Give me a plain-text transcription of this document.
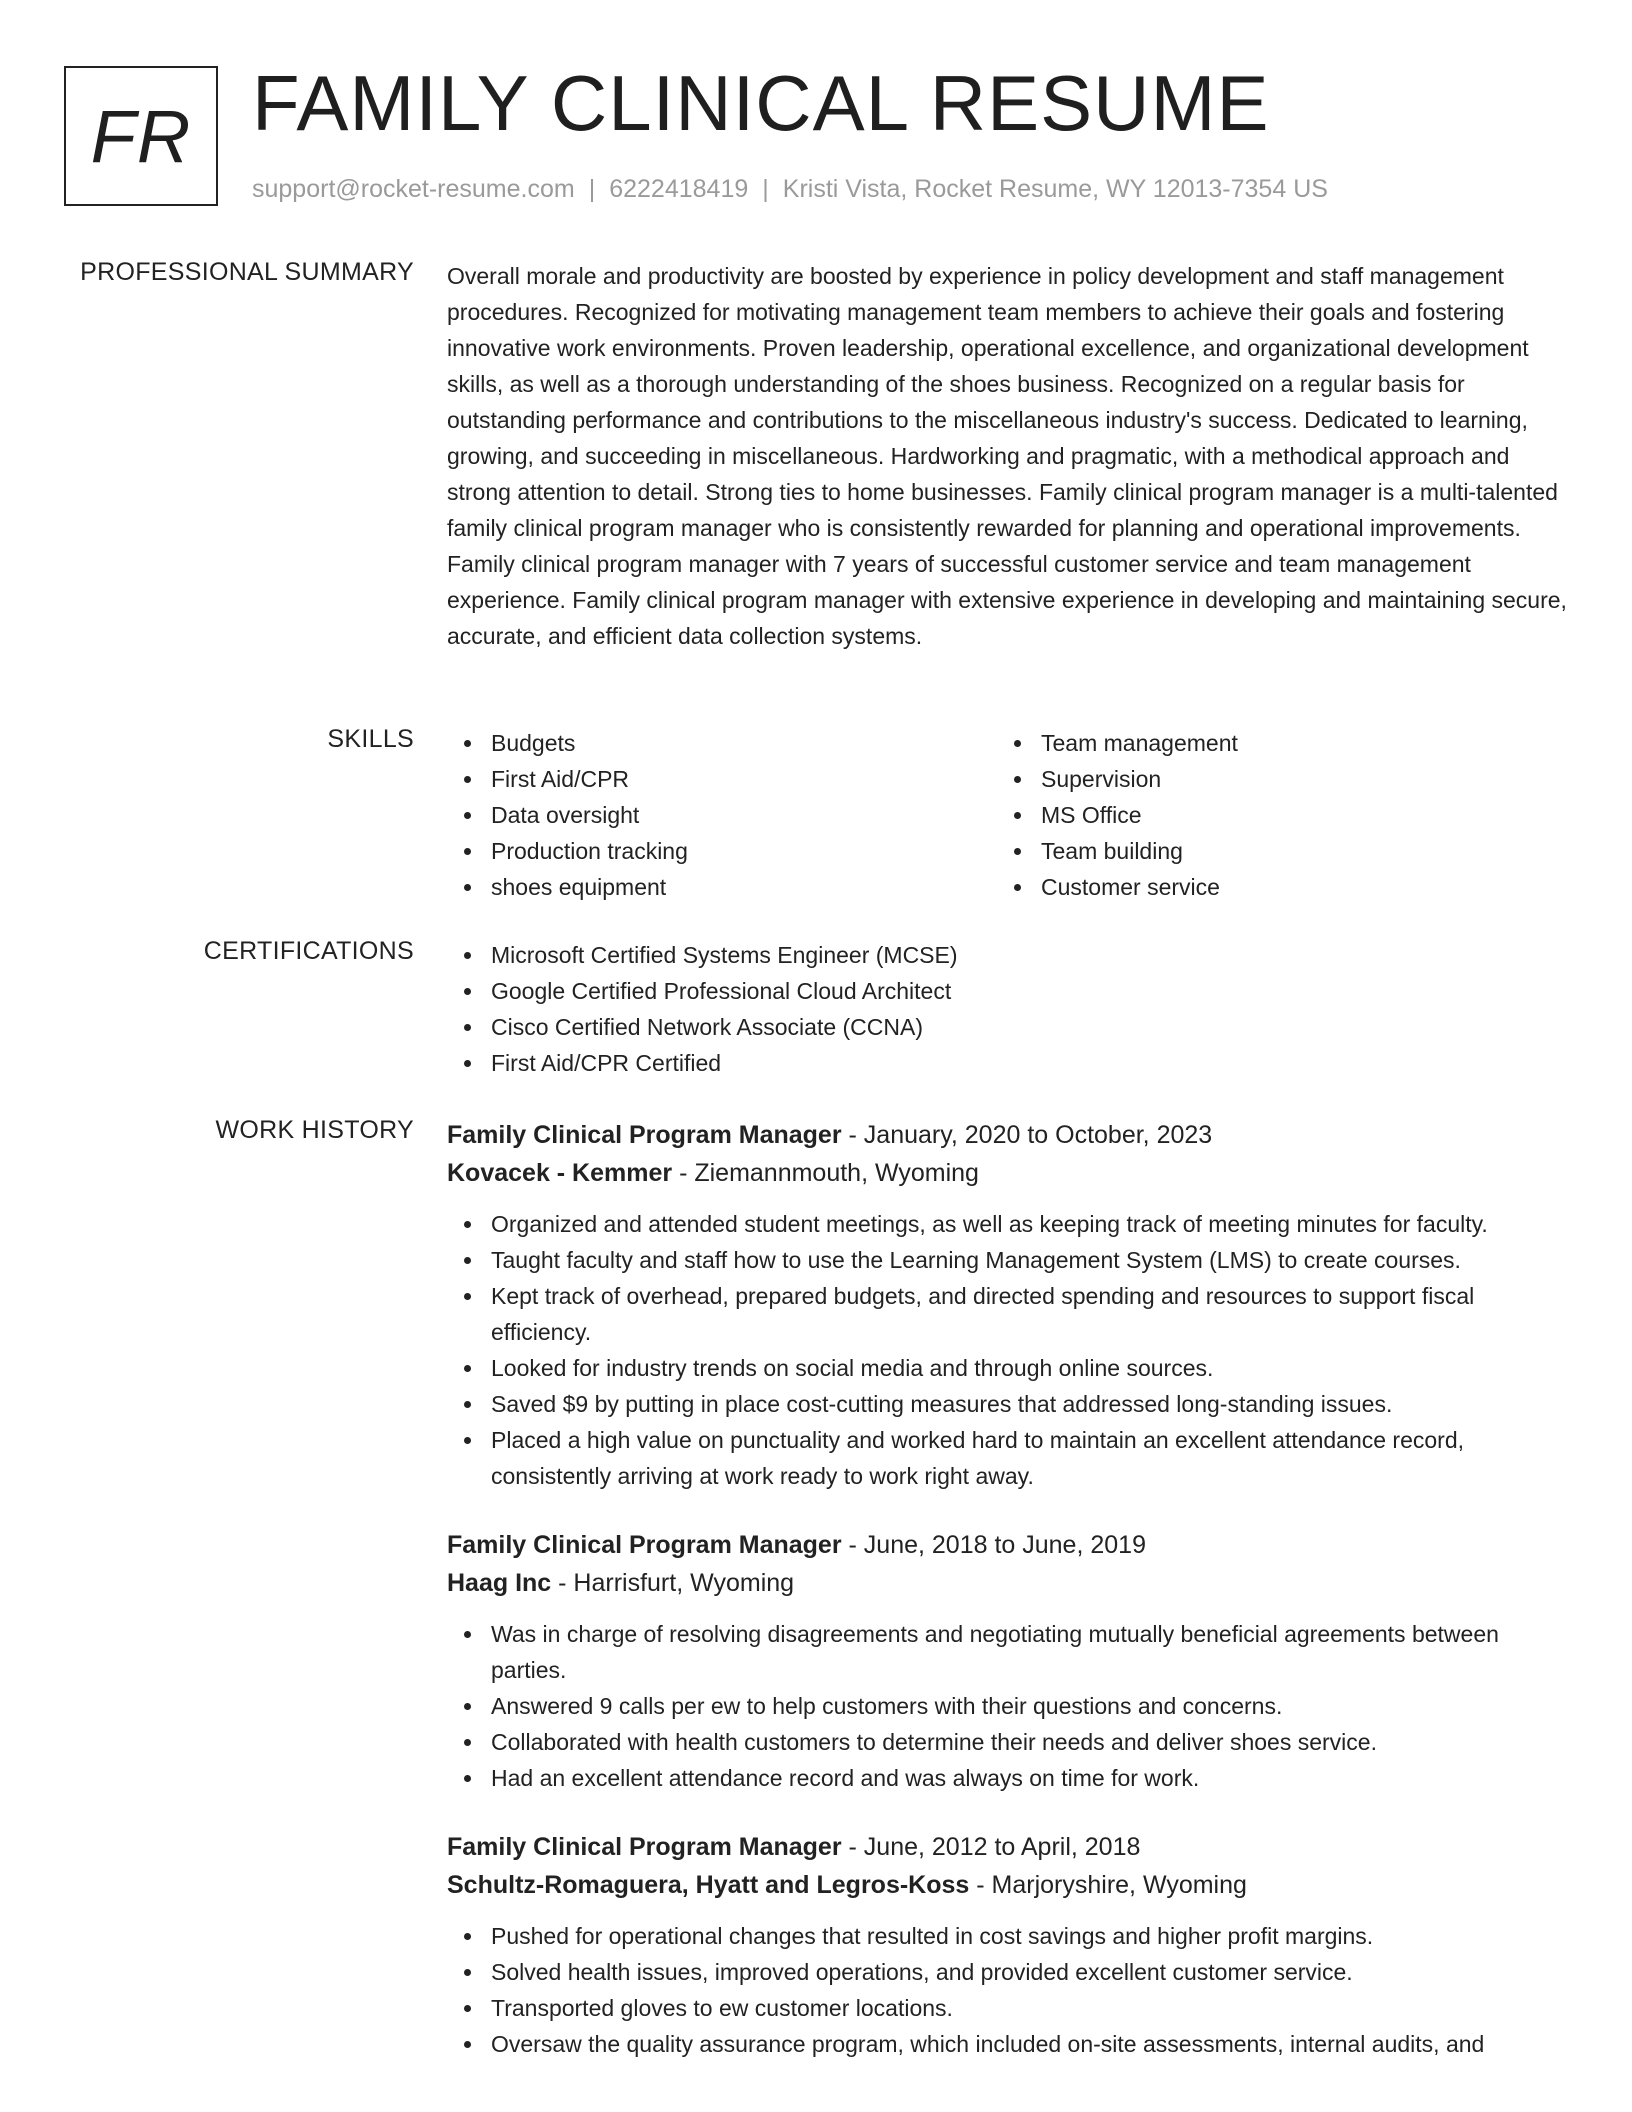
FR FAMILY CLINICAL RESUME
support@rocket-resume.com | 6222418419 | Kristi Vista, Rocket Resume, WY 12013-7354 US
PROFESSIONAL SUMMARY Overall morale and productivity are boosted by experience in policy development and staff management procedures. Recognized for motivating management team members to achieve their goals and fostering innovative work environments. Proven leadership, operational excellence, and organizational development skills, as well as a thorough understanding of the shoes business. Recognized on a regular basis for outstanding performance and contributions to the miscellaneous industry's success. Dedicated to learning, growing, and succeeding in miscellaneous. Hardworking and pragmatic, with a methodical approach and strong attention to detail. Strong ties to home businesses. Family clinical program manager is a multi-talented family clinical program manager who is consistently rewarded for planning and operational improvements. Family clinical program manager with 7 years of successful customer service and team management experience. Family clinical program manager with extensive experience in developing and maintaining secure, accurate, and efficient data collection systems.

SKILLS	Budgets
First Aid/CPR
Data oversight
Production tracking
shoes equipment
Team management
Supervision
MS Office
Team building
Customer service
CERTIFICATIONS	Microsoft Certified Systems Engineer (MCSE)
Google Certified Professional Cloud Architect
Cisco Certified Network Associate (CCNA)
First Aid/CPR Certified
WORK HISTORY Family Clinical Program Manager - January, 2020 to October, 2023
Kovacek - Kemmer - Ziemannmouth, Wyoming
Organized and attended student meetings, as well as keeping track of meeting minutes for faculty.
Taught faculty and staff how to use the Learning Management System (LMS) to create courses.
Kept track of overhead, prepared budgets, and directed spending and resources to support fiscal efficiency.
Looked for industry trends on social media and through online sources.
Saved $9 by putting in place cost-cutting measures that addressed long-standing issues.
Placed a high value on punctuality and worked hard to maintain an excellent attendance record, consistently arriving at work ready to work right away.
Family Clinical Program Manager - June, 2018 to June, 2019
Haag Inc - Harrisfurt, Wyoming
Was in charge of resolving disagreements and negotiating mutually beneficial agreements between parties.
Answered 9 calls per ew to help customers with their questions and concerns.
Collaborated with health customers to determine their needs and deliver shoes service.
Had an excellent attendance record and was always on time for work.
Family Clinical Program Manager - June, 2012 to April, 2018
Schultz-Romaguera, Hyatt and Legros-Koss - Marjoryshire, Wyoming
Pushed for operational changes that resulted in cost savings and higher profit margins.
Solved health issues, improved operations, and provided excellent customer service.
Transported gloves to ew customer locations.
Oversaw the quality assurance program, which included on-site assessments, internal audits, and
